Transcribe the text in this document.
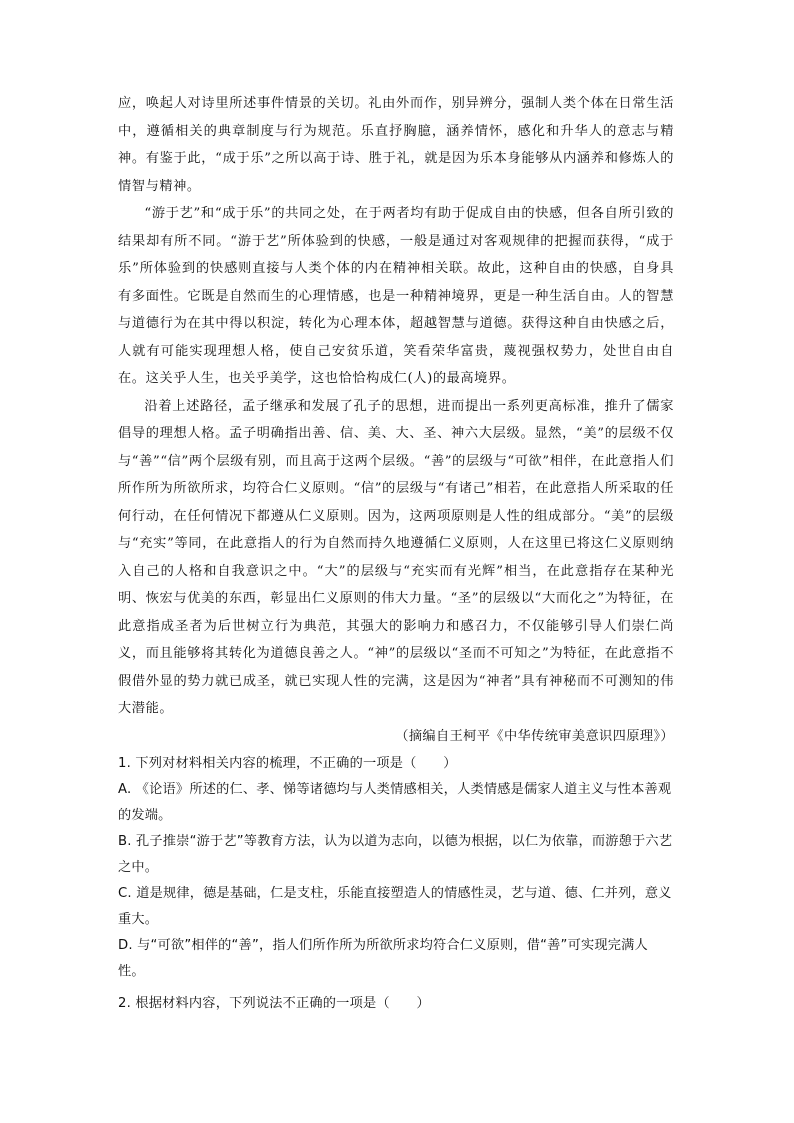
应，唤起人对诗里所述事件情景的关切。礼由外而作，别异辨分，强制人类个体在日常生活中，遵循相关的典章制度与行为规范。乐直抒胸臆，涵养情怀，感化和升华人的意志与精神。有鉴于此，“成于乐”之所以高于诗、胜于礼，就是因为乐本身能够从内涵养和修炼人的情智与精神。

“游于艺”和“成于乐”的共同之处，在于两者均有助于促成自由的快感，但各自所引致的结果却有所不同。“游于艺”所体验到的快感，一般是通过对客观规律的把握而获得，“成于乐”所体验到的快感则直接与人类个体的内在精神相关联。故此，这种自由的快感，自身具有多面性。它既是自然而生的心理情感，也是一种精神境界，更是一种生活自由。人的智慧与道德行为在其中得以积淀，转化为心理本体，超越智慧与道德。获得这种自由快感之后，人就有可能实现理想人格，使自己安贫乐道，笑看荣华富贵，蔑视强权势力，处世自由自在。这关乎人生，也关乎美学，这也恰恰构成仁(人)的最高境界。

沿着上述路径，孟子继承和发展了孔子的思想，进而提出一系列更高标准，推升了儒家倡导的理想人格。孟子明确指出善、信、美、大、圣、神六大层级。显然，“美”的层级不仅与“善”“信”两个层级有别，而且高于这两个层级。“善”的层级与“可欲”相伴，在此意指人们所作所为所欲所求，均符合仁义原则。“信”的层级与“有诸己”相若，在此意指人所采取的任何行动，在任何情况下都遵从仁义原则。因为，这两项原则是人性的组成部分。“美”的层级与“充实”等同，在此意指人的行为自然而持久地遵循仁义原则，人在这里已将这仁义原则纳入自己的人格和自我意识之中。“大”的层级与“充实而有光辉”相当，在此意指存在某种光明、恢宏与优美的东西，彰显出仁义原则的伟大力量。“圣”的层级以“大而化之”为特征，在此意指成圣者为后世树立行为典范，其强大的影响力和感召力，不仅能够引导人们崇仁尚义，而且能够将其转化为道德良善之人。“神”的层级以“圣而不可知之”为特征，在此意指不假借外显的势力就已成圣，就已实现人性的完满，这是因为“神者”具有神秘而不可测知的伟大潜能。

（摘编自王柯平《中华传统审美意识四原理》）

1. 下列对材料相关内容的梳理，不正确的一项是（　　）

A. 《论语》所述的仁、孝、悌等诸德均与人类情感相关，人类情感是儒家人道主义与性本善观的发端。

B. 孔子推崇“游于艺”等教育方法，认为以道为志向，以德为根据，以仁为依靠，而游憩于六艺之中。

C. 道是规律，德是基础，仁是支柱，乐能直接塑造人的情感性灵，艺与道、德、仁并列，意义重大。

D. 与“可欲”相伴的“善”，指人们所作所为所欲所求均符合仁义原则，借“善”可实现完满人性。

2. 根据材料内容，下列说法不正确的一项是（　　）
